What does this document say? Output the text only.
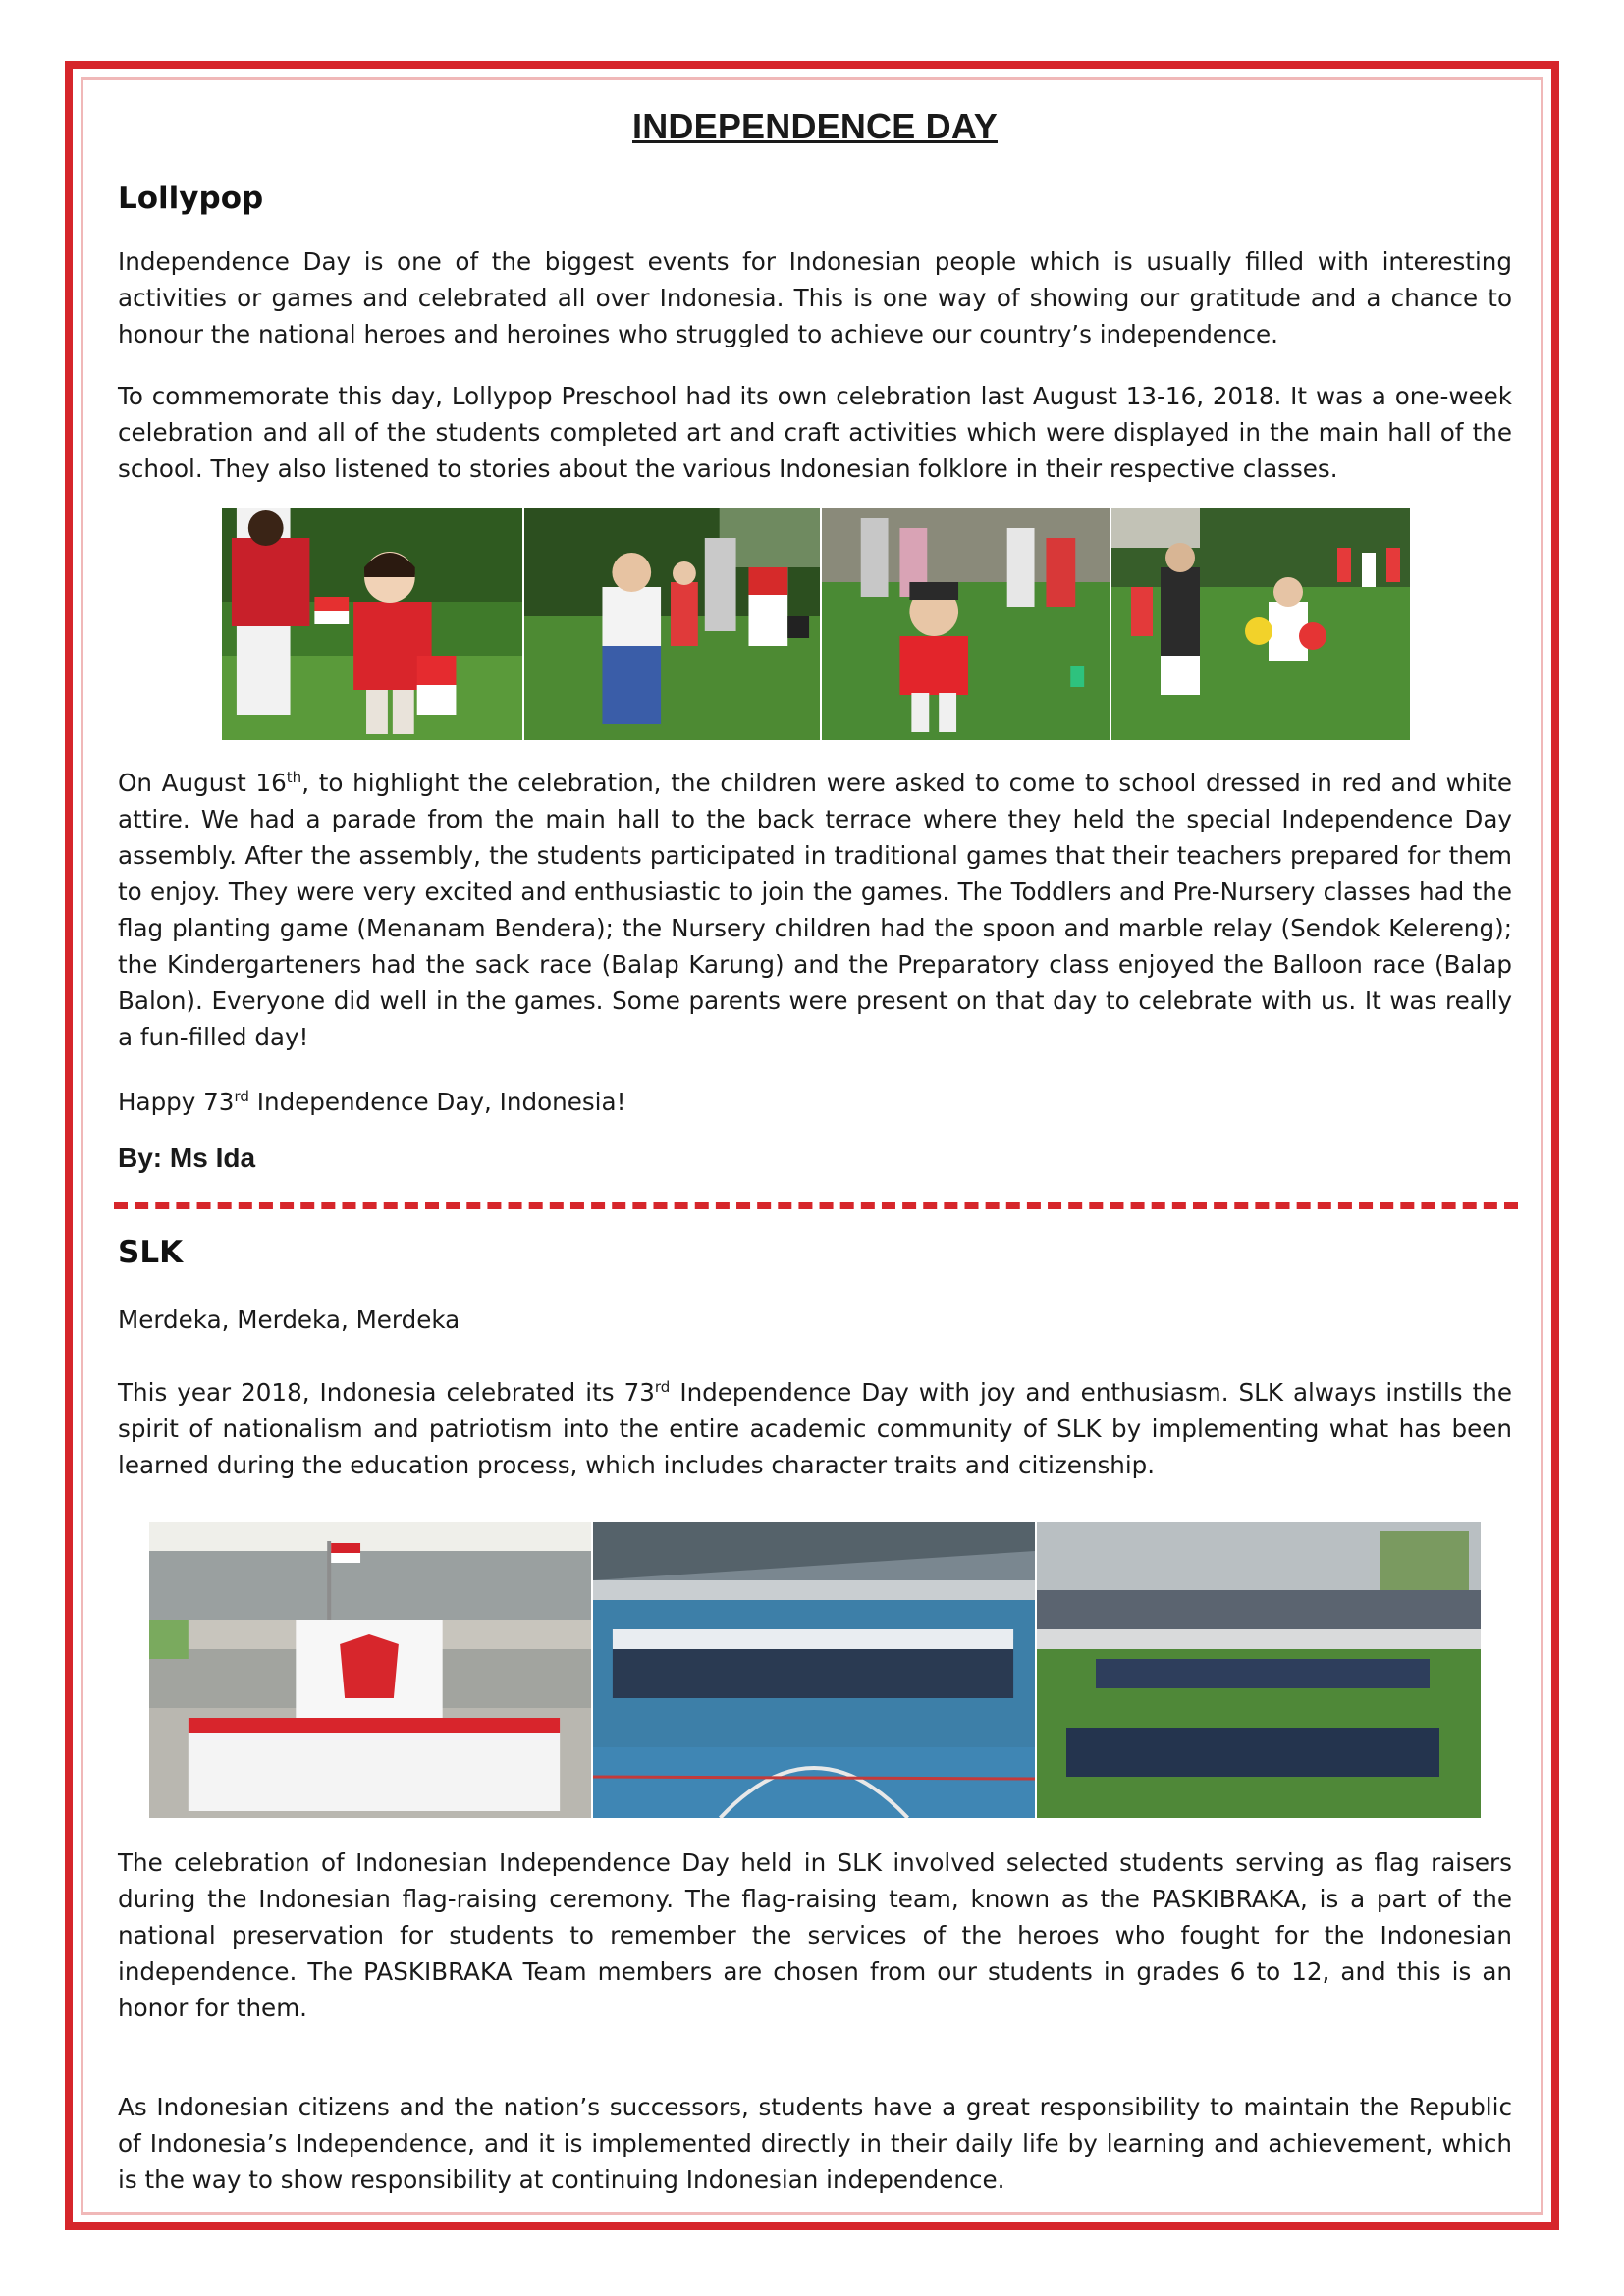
INDEPENDENCE DAY
Lollypop
Independence Day is one of the biggest events for Indonesian people which is usually filled with interesting activities or games and celebrated all over Indonesia. This is one way of showing our gratitude and a chance to honour the national heroes and heroines who struggled to achieve our country’s independence.
To commemorate this day, Lollypop Preschool had its own celebration last August 13-16, 2018. It was a one-week celebration and all of the students completed art and craft activities which were displayed in the main hall of the school. They also listened to stories about the various Indonesian folklore in their respective classes.
On August 16th, to highlight the celebration, the children were asked to come to school dressed in red and white attire. We had a parade from the main hall to the back terrace where they held the special Independence Day assembly. After the assembly, the students participated in traditional games that their teachers prepared for them to enjoy. They were very excited and enthusiastic to join the games. The Toddlers and Pre-Nursery classes had the flag planting game (Menanam Bendera); the Nursery children had the spoon and marble relay (Sendok Kelereng); the Kindergarteners had the sack race (Balap Karung) and the Preparatory class enjoyed the Balloon race (Balap Balon). Everyone did well in the games. Some parents were present on that day to celebrate with us. It was really a fun-filled day!
Happy 73rd Independence Day, Indonesia!
By: Ms Ida
SLK
Merdeka, Merdeka, Merdeka
This year 2018, Indonesia celebrated its 73rd Independence Day with joy and enthusiasm. SLK always instills the spirit of nationalism and patriotism into the entire academic community of SLK by implementing what has been learned during the education process, which includes character traits and citizenship.
The celebration of Indonesian Independence Day held in SLK involved selected students serving as flag raisers during the Indonesian flag-raising ceremony. The flag-raising team, known as the PASKIBRAKA, is a part of the national preservation for students to remember the services of the heroes who fought for the Indonesian independence. The PASKIBRAKA Team members are chosen from our students in grades 6 to 12, and this is an honor for them.
As Indonesian citizens and the nation’s successors, students have a great responsibility to maintain the Republic of Indonesia’s Independence, and it is implemented directly in their daily life by learning and achievement, which is the way to show responsibility at continuing Indonesian independence.
